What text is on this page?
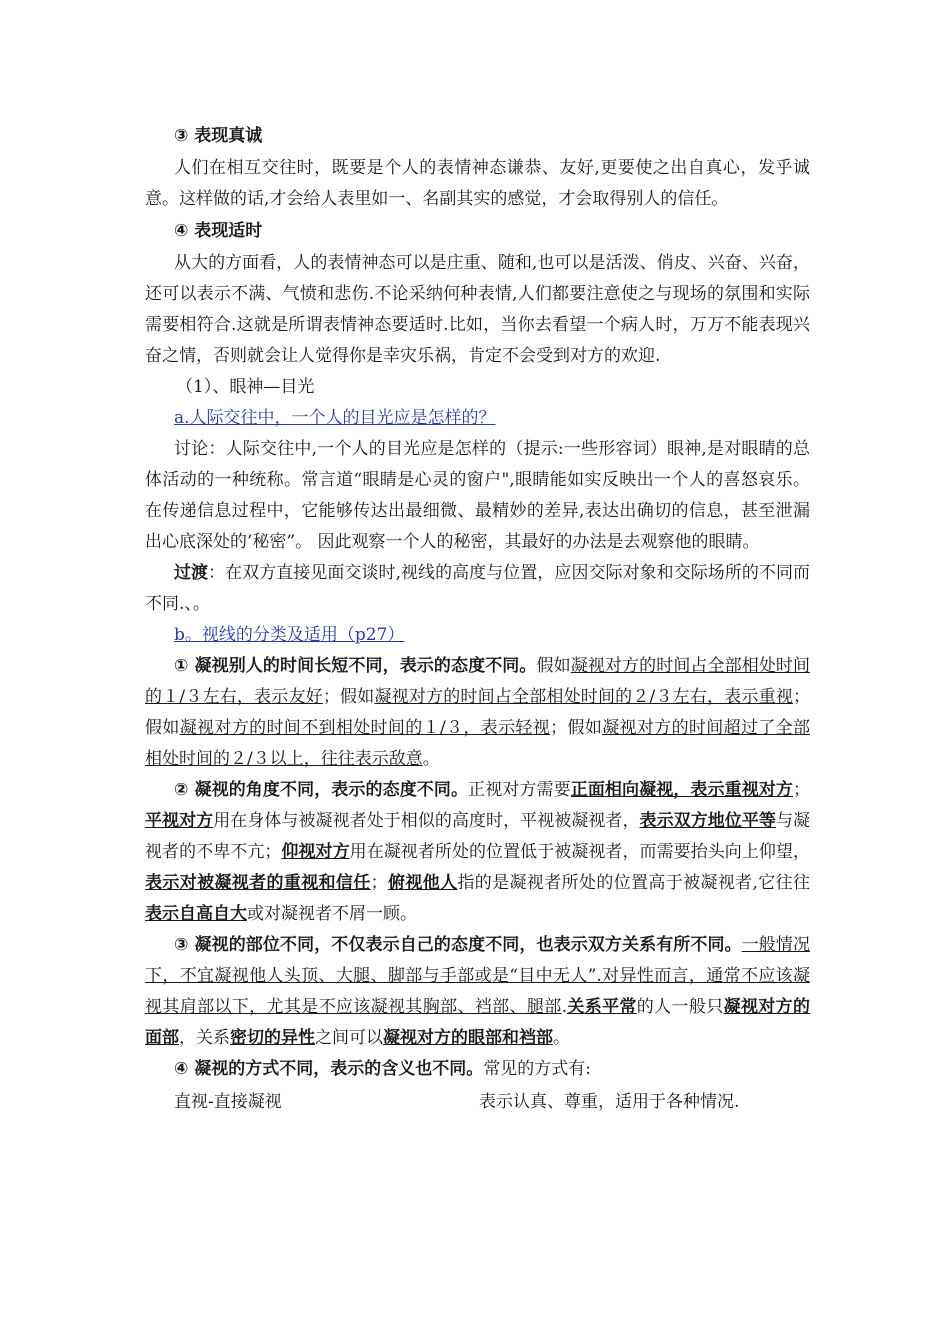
③ 表现真诚

人们在相互交往时，既要是个人的表情神态谦恭、友好,更要使之出自真心，发乎诚意。这样做的话,才会给人表里如一、名副其实的感觉，才会取得别人的信任。

④ 表现适时

从大的方面看，人的表情神态可以是庄重、随和,也可以是活泼、俏皮、兴奋、兴奋，还可以表示不满、气愤和悲伤.不论采纳何种表情,人们都要注意使之与现场的氛围和实际需要相符合.这就是所谓表情神态要适时.比如，当你去看望一个病人时，万万不能表现兴奋之情，否则就会让人觉得你是幸灾乐祸，肯定不会受到对方的欢迎.

（1）、眼神—目光

a.人际交往中，一个人的目光应是怎样的？

讨论：人际交往中,一个人的目光应是怎样的（提示:一些形容词）眼神,是对眼睛的总体活动的一种统称。常言道“眼睛是心灵的窗户",眼睛能如实反映出一个人的喜怒哀乐。在传递信息过程中，它能够传达出最细微、最精妙的差异,表达出确切的信息，甚至泄漏出心底深处的’秘密”。 因此观察一个人的秘密，其最好的办法是去观察他的眼睛。

过渡：在双方直接见面交谈时,视线的高度与位置，应因交际对象和交际场所的不同而不同.、。

b。视线的分类及适用（p27）

① 凝视别人的时间长短不同，表示的态度不同。假如凝视对方的时间占全部相处时间的１/３左右，表示友好；假如凝视对方的时间占全部相处时间的２/３左右，表示重视；假如凝视对方的时间不到相处时间的１/３，表示轻视；假如凝视对方的时间超过了全部相处时间的２/３以上，往往表示敌意。

② 凝视的角度不同，表示的态度不同。正视对方需要正面相向凝视，表示重视对方；平视对方用在身体与被凝视者处于相似的高度时，平视被凝视者，表示双方地位平等与凝视者的不卑不亢；仰视对方用在凝视者所处的位置低于被凝视者，而需要抬头向上仰望，表示对被凝视者的重视和信任；俯视他人指的是凝视者所处的位置高于被凝视者,它往往表示自高自大或对凝视者不屑一顾。

③ 凝视的部位不同，不仅表示自己的态度不同，也表示双方关系有所不同。一般情况下，不宜凝视他人头顶、大腿、脚部与手部或是“目中无人”.对异性而言，通常不应该凝视其肩部以下，尤其是不应该凝视其胸部、裆部、腿部.关系平常的人一般只凝视对方的面部，关系密切的异性之间可以凝视对方的眼部和裆部。

④ 凝视的方式不同，表示的含义也不同。常见的方式有:

直视-直接凝视	表示认真、尊重，适用于各种情况.
